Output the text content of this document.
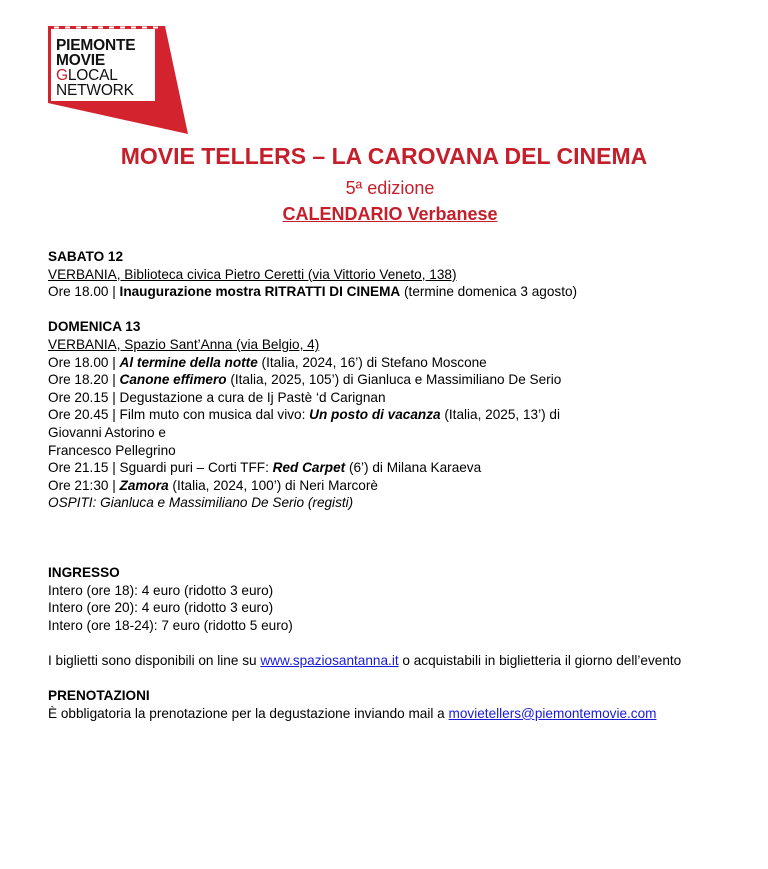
PIEMONTE
MOVIE
GLOCAL
NETWORK
MOVIE TELLERS – LA CAROVANA DEL CINEMA
5ª edizione
CALENDARIO Verbanese

SABATO 12

VERBANIA, Biblioteca civica Pietro Ceretti (via Vittorio Veneto, 138)

Ore 18.00 | Inaugurazione mostra RITRATTI DI CINEMA (termine domenica 3 agosto)

DOMENICA 13

VERBANIA, Spazio Sant’Anna (via Belgio, 4)

Ore 18.00 | Al termine della notte (Italia, 2024, 16’) di Stefano Moscone

Ore 18.20 | Canone effimero (Italia, 2025, 105’) di Gianluca e Massimiliano De Serio

Ore 20.15 | Degustazione a cura de Ij Pastè ‘d Carignan

Ore 20.45 | Film muto con musica dal vivo: Un posto di vacanza (Italia, 2025, 13’) di

Giovanni Astorino e

Francesco Pellegrino

Ore 21.15 | Sguardi puri – Corti TFF: Red Carpet (6’) di Milana Karaeva

Ore 21:30 | Zamora (Italia, 2024, 100’) di Neri Marcorè

OSPITI: Gianluca e Massimiliano De Serio (registi)

INGRESSO

Intero (ore 18): 4 euro (ridotto 3 euro)

Intero (ore 20): 4 euro (ridotto 3 euro)

Intero (ore 18-24): 7 euro (ridotto 5 euro)

I biglietti sono disponibili on line su www.spaziosantanna.it o acquistabili in biglietteria il giorno dell’evento

PRENOTAZIONI

È obbligatoria la prenotazione per la degustazione inviando mail a movietellers@piemontemovie.com
